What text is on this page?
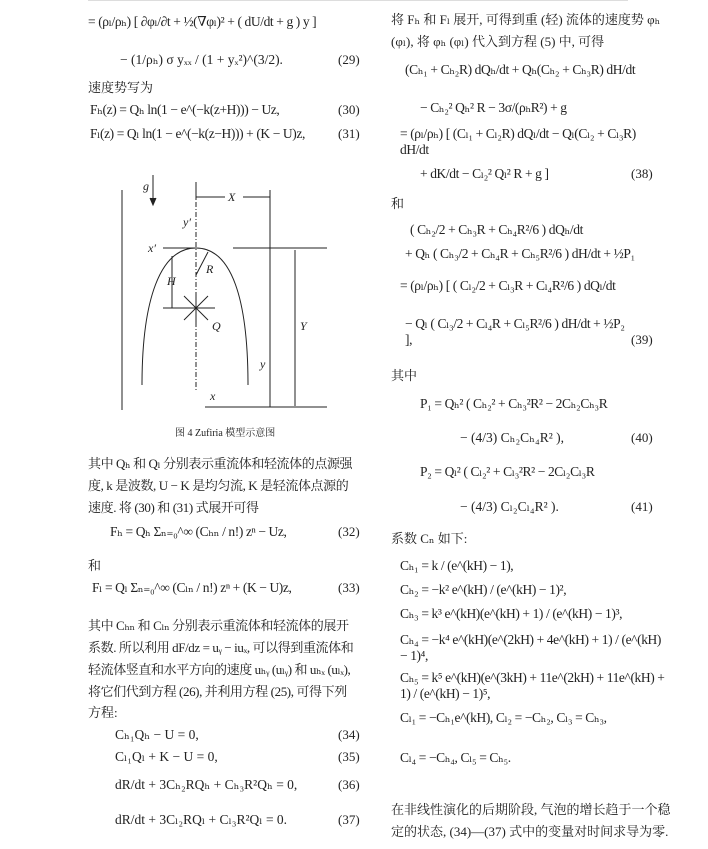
= (ρₗ/ρₕ) [ ∂φₗ/∂t + ½(∇φₗ)² + ( dU/dt + g ) y ]
− (1/ρₕ) σ yₓₓ / (1 + yₓ²)^(3/2).	(29)
速度势写为
Fₕ(z) = Qₕ ln(1 − e^(−k(z+H))) − Uz,	(30)
Fₗ(z) = Qₗ ln(1 − e^(−k(z−H))) + (K − U)z,	(31)
g
X
y′
x′
R
H
Q	Y
y
x
图 4 Zufiria 模型示意图
其中 Qₕ 和 Qₗ 分别表示重流体和轻流体的点源强
度, k 是波数, U − K 是均匀流, K 是轻流体点源的
速度. 将 (30) 和 (31) 式展开可得
Fₕ = Qₕ Σₙ₌₀^∞ (Cₕₙ / n!) zⁿ − Uz,	(32)
和
Fₗ = Qₗ Σₙ₌₀^∞ (Cₗₙ / n!) zⁿ + (K − U)z,	(33)
其中 Cₕₙ 和 Cₗₙ 分别表示重流体和轻流体的展开
系数. 所以利用 dF/dz = uᵧ − iuₓ, 可以得到重流体和
轻流体竖直和水平方向的速度 uₕᵧ (uₗᵧ) 和 uₕₓ (uₗₓ),
将它们代到方程 (26), 并利用方程 (25), 可得下列
方程:
Cₕ₁Qₕ − U = 0,	(34)
Cₗ₁Qₗ + K − U = 0,	(35)
dR/dt + 3Cₕ₂RQₕ + Cₕ₃R²Qₕ = 0,	(36)
dR/dt + 3Cₗ₂RQₗ + Cₗ₃R²Qₗ = 0.	(37)
将 Fₕ 和 Fₗ 展开, 可得到重 (轻) 流体的速度势 φₕ
(φₗ), 将 φₕ (φₗ) 代入到方程 (5) 中, 可得
(Cₕ₁ + Cₕ₂R) dQₕ/dt + Qₕ(Cₕ₂ + Cₕ₃R) dH/dt
− Cₕ₂² Qₕ² R − 3σ/(ρₕR²) + g
= (ρₗ/ρₕ) [ (Cₗ₁ + Cₗ₂R) dQₗ/dt − Qₗ(Cₗ₂ + Cₗ₃R) dH/dt
+ dK/dt − Cₗ₂² Qₗ² R + g ]	(38)
和
( Cₕ₂/2 + Cₕ₃R + Cₕ₄R²/6 ) dQₕ/dt
+ Qₕ ( Cₕ₃/2 + Cₕ₄R + Cₕ₅R²/6 ) dH/dt + ½P₁
= (ρₗ/ρₕ) [ ( Cₗ₂/2 + Cₗ₃R + Cₗ₄R²/6 ) dQₗ/dt
− Qₗ ( Cₗ₃/2 + Cₗ₄R + Cₗ₅R²/6 ) dH/dt + ½P₂ ],	(39)
其中
P₁ = Qₕ² ( Cₕ₂² + Cₕ₃²R² − 2Cₕ₂Cₕ₃R
− (4/3) Cₕ₂Cₕ₄R² ),	(40)
P₂ = Qₗ² ( Cₗ₂² + Cₗ₃²R² − 2Cₗ₂Cₗ₃R
− (4/3) Cₗ₂Cₗ₄R² ).	(41)
系数 Cₙ 如下:
Cₕ₁ = k / (e^(kH) − 1),
Cₕ₂ = −k² e^(kH) / (e^(kH) − 1)²,
Cₕ₃ = k³ e^(kH)(e^(kH) + 1) / (e^(kH) − 1)³,
Cₕ₄ = −k⁴ e^(kH)(e^(2kH) + 4e^(kH) + 1) / (e^(kH) − 1)⁴,
Cₕ₅ = k⁵ e^(kH)(e^(3kH) + 11e^(2kH) + 11e^(kH) + 1) / (e^(kH) − 1)⁵,
Cₗ₁ = −Cₕ₁e^(kH), Cₗ₂ = −Cₕ₂, Cₗ₃ = Cₕ₃,
Cₗ₄ = −Cₕ₄, Cₗ₅ = Cₕ₅.
在非线性演化的后期阶段, 气泡的增长趋于一个稳
定的状态, (34)—(37) 式中的变量对时间求导为零.
